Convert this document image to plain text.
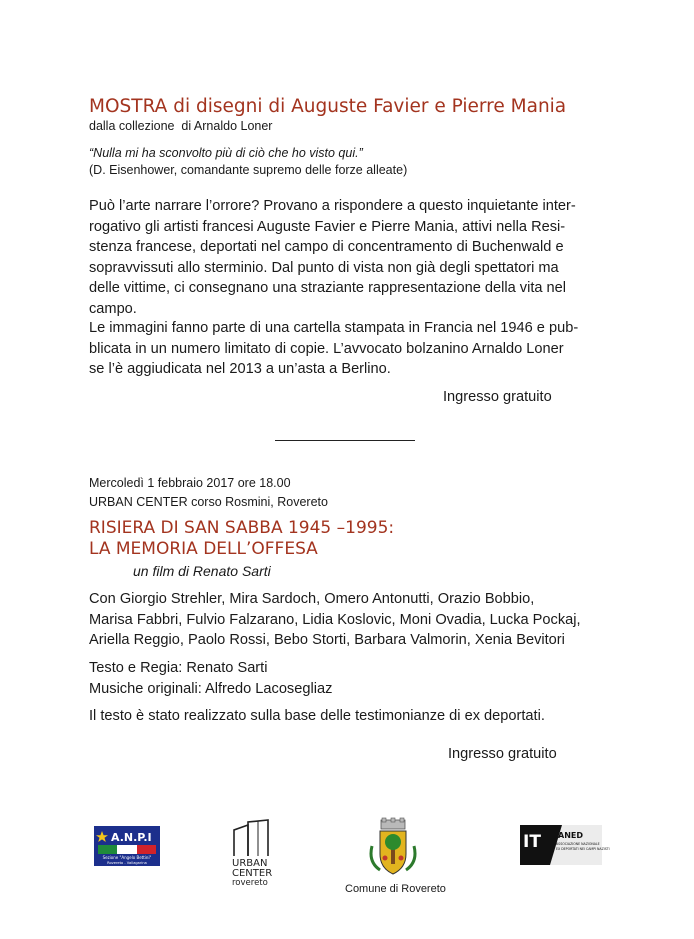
MOSTRA di disegni di Auguste Favier e Pierre Mania
dalla collezione  di Arnaldo Loner
“Nulla mi ha sconvolto più di ciò che ho visto qui.”
(D. Eisenhower, comandante supremo delle forze alleate)
Può l’arte narrare l’orrore? Provano a rispondere a questo inquietante inter-
rogativo gli artisti francesi Auguste Favier e Pierre Mania, attivi nella Resi-
stenza francese, deportati nel campo di concentramento di Buchenwald e
sopravvissuti allo sterminio. Dal punto di vista non già degli spettatori ma
delle vittime, ci consegnano una straziante rappresentazione della vita nel
campo.
Le immagini fanno parte di una cartella stampata in Francia nel 1946 e pub-
blicata in un numero limitato di copie. L’avvocato bolzanino Arnaldo Loner
se l’è aggiudicata nel 2013 a un’asta a Berlino.
Ingresso gratuito
Mercoledì 1 febbraio 2017 ore 18.00
URBAN CENTER corso Rosmini, Rovereto
RISIERA DI SAN SABBA 1945 –1995:
LA MEMORIA DELL’OFFESA
un film di Renato Sarti
Con Giorgio Strehler, Mira Sardoch, Omero Antonutti, Orazio Bobbio,
Marisa Fabbri, Fulvio Falzarano, Lidia Koslovic, Moni Ovadia, Lucka Pockaj,
Ariella Reggio, Paolo Rossi, Bebo Storti, Barbara Valmorin, Xenia Bevitori
Testo e Regia: Renato Sarti
Musiche originali: Alfredo Lacosegliaz
Il testo è stato realizzato sulla base delle testimonianze di ex deportati.
Ingresso gratuito
A.N.P.I
Sezione "Angelo Bettini"
Rovereto - Vallagarina	URBAN
CENTER
rovereto	Comune di Rovereto
IT ANED
ASSOCIAZIONE NAZIONALE
EX DEPORTATI NEI CAMPI NAZISTI
